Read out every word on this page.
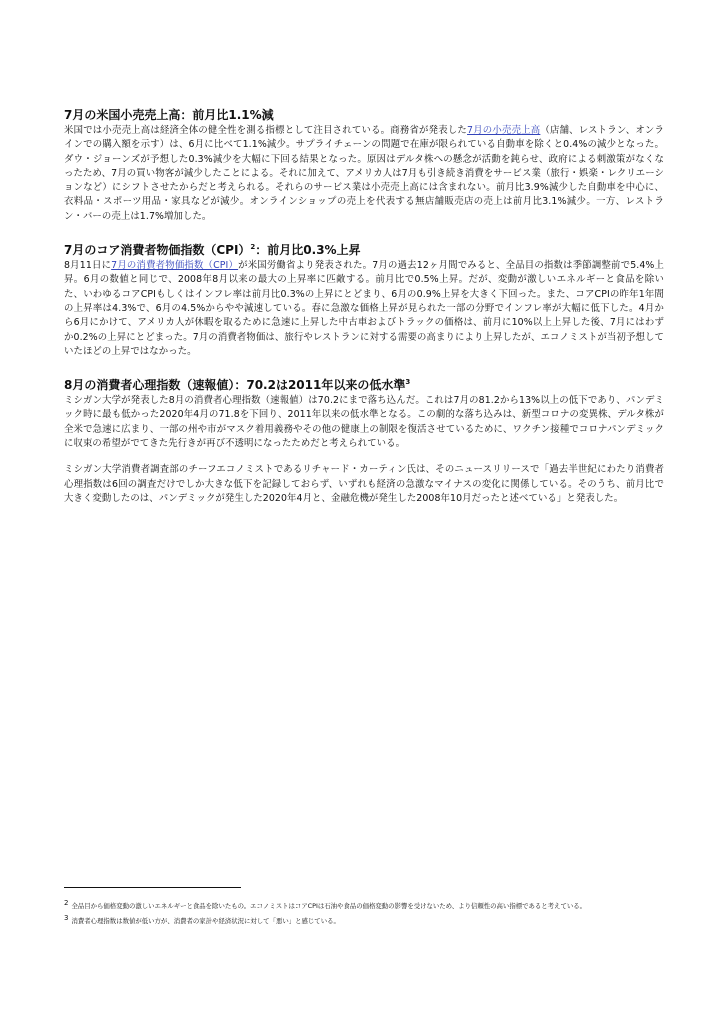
7月の米国小売売上高：前月比1.1%減

米国では小売売上高は経済全体の健全性を測る指標として注目されている。商務省が発表した7月の小売売上高（店舗、レストラン、オンラインでの購入額を示す）は、6月に比べて1.1%減少。サプライチェーンの問題で在庫が限られている自動車を除くと0.4%の減少となった。ダウ・ジョーンズが予想した0.3%減少を大幅に下回る結果となった。原因はデルタ株への懸念が活動を鈍らせ、政府による刺激策がなくなったため、7月の買い物客が減少したことによる。それに加えて、アメリカ人は7月も引き続き消費をサービス業（旅行・娯楽・レクリエーションなど）にシフトさせたからだと考えられる。それらのサービス業は小売売上高には含まれない。前月比3.9%減少した自動車を中心に、衣料品・スポーツ用品・家具などが減少。オンラインショップの売上を代表する無店舗販売店の売上は前月比3.1%減少。一方、レストラン・バーの売上は1.7%増加した。

7月のコア消費者物価指数（CPI）$^2$：前月比0.3%上昇

8月11日に7月の消費者物価指数（CPI）が米国労働省より発表された。7月の過去12ヶ月間でみると、全品目の指数は季節調整前で5.4%上昇。6月の数値と同じで、2008年8月以来の最大の上昇率に匹敵する。前月比で0.5%上昇。だが、変動が激しいエネルギーと食品を除いた、いわゆるコアCPIもしくはインフレ率は前月比0.3%の上昇にとどまり、6月の0.9%上昇を大きく下回った。また、コアCPIの昨年1年間の上昇率は4.3%で、6月の4.5%からやや減速している。春に急激な価格上昇が見られた一部の分野でインフレ率が大幅に低下した。4月から6月にかけて、アメリカ人が休暇を取るために急速に上昇した中古車およびトラックの価格は、前月に10%以上上昇した後、7月にはわずか0.2%の上昇にとどまった。7月の消費者物価は、旅行やレストランに対する需要の高まりにより上昇したが、エコノミストが当初予想していたほどの上昇ではなかった。

8月の消費者心理指数（速報値）：70.2は2011年以来の低水準$^3$

ミシガン大学が発表した8月の消費者心理指数（速報値）は70.2にまで落ち込んだ。これは7月の81.2から13%以上の低下であり、パンデミック時に最も低かった2020年4月の71.8を下回り、2011年以来の低水準となる。この劇的な落ち込みは、新型コロナの変異株、デルタ株が全米で急速に広まり、一部の州や市がマスク着用義務やその他の健康上の制限を復活させているために、ワクチン接種でコロナパンデミックに収束の希望がでてきた先行きが再び不透明になったためだと考えられている。

ミシガン大学消費者調査部のチーフエコノミストであるリチャード・カーティン氏は、そのニュースリリースで「過去半世紀にわたり消費者心理指数は6回の調査だけでしか大きな低下を記録しておらず、いずれも経済の急激なマイナスの変化に関係している。そのうち、前月比で大きく変動したのは、パンデミックが発生した2020年4月と、金融危機が発生した2008年10月だったと述べている」と発表した。

$^2$ 全品目から価格変動の激しいエネルギーと食品を除いたもの。エコノミストはコアCPIは石油や食品の価格変動の影響を受けないため、より信頼性の高い指標であると考えている。

$^3$ 消費者心理指数は数値が低い方が、消費者の家計や経済状況に対して「悪い」と感じている。
